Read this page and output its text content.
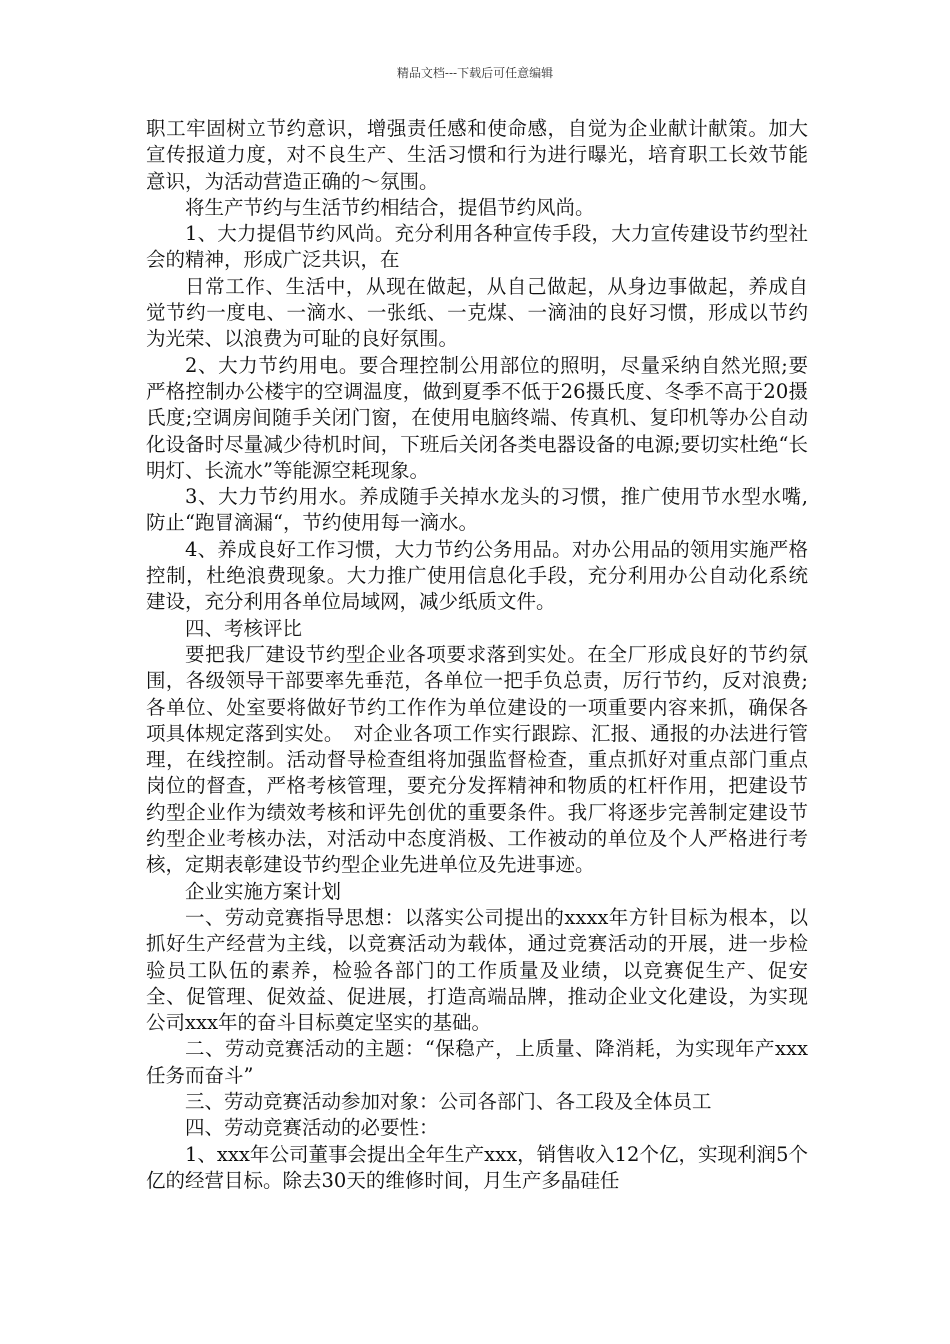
精品文档---下载后可任意编辑

职工牢固树立节约意识，增强责任感和使命感，自觉为企业献计献策。加大宣传报道力度，对不良生产、生活习惯和行为进行曝光，培育职工长效节能意识，为活动营造正确的～氛围。

将生产节约与生活节约相结合，提倡节约风尚。

1、大力提倡节约风尚。充分利用各种宣传手段，大力宣传建设节约型社会的精神，形成广泛共识，在

日常工作、生活中，从现在做起，从自己做起，从身边事做起，养成自觉节约一度电、一滴水、一张纸、一克煤、一滴油的良好习惯，形成以节约为光荣、以浪费为可耻的良好氛围。

2、大力节约用电。要合理控制公用部位的照明，尽量采纳自然光照;要严格控制办公楼宇的空调温度，做到夏季不低于26摄氏度、冬季不高于20摄氏度;空调房间随手关闭门窗，在使用电脑终端、传真机、复印机等办公自动化设备时尽量减少待机时间，下班后关闭各类电器设备的电源;要切实杜绝“长明灯、长流水”等能源空耗现象。

3、大力节约用水。养成随手关掉水龙头的习惯，推广使用节水型水嘴,防止“跑冒滴漏“，节约使用每一滴水。

4、养成良好工作习惯，大力节约公务用品。对办公用品的领用实施严格控制，杜绝浪费现象。大力推广使用信息化手段，充分利用办公自动化系统建设，充分利用各单位局域网，减少纸质文件。

四、考核评比

要把我厂建设节约型企业各项要求落到实处。在全厂形成良好的节约氛围，各级领导干部要率先垂范，各单位一把手负总责，厉行节约，反对浪费;各单位、处室要将做好节约工作作为单位建设的一项重要内容来抓，确保各项具体规定落到实处。　对企业各项工作实行跟踪、汇报、通报的办法进行管理，在线控制。活动督导检查组将加强监督检查，重点抓好对重点部门重点岗位的督查，严格考核管理，要充分发挥精神和物质的杠杆作用，把建设节约型企业作为绩效考核和评先创优的重要条件。我厂将逐步完善制定建设节约型企业考核办法，对活动中态度消极、工作被动的单位及个人严格进行考核，定期表彰建设节约型企业先进单位及先进事迹。

企业实施方案计划

一、劳动竞赛指导思想：以落实公司提出的xxxx年方针目标为根本，以抓好生产经营为主线，以竞赛活动为载体，通过竞赛活动的开展，进一步检验员工队伍的素养，检验各部门的工作质量及业绩，以竞赛促生产、促安全、促管理、促效益、促进展，打造高端品牌，推动企业文化建设，为实现公司xxx年的奋斗目标奠定坚实的基础。

二、劳动竞赛活动的主题：“保稳产，上质量、降消耗，为实现年产xxx任务而奋斗”

三、劳动竞赛活动参加对象：公司各部门、各工段及全体员工

四、劳动竞赛活动的必要性：

1、xxx年公司董事会提出全年生产xxx，销售收入12个亿，实现利润5个亿的经营目标。除去30天的维修时间，月生产多晶硅任
